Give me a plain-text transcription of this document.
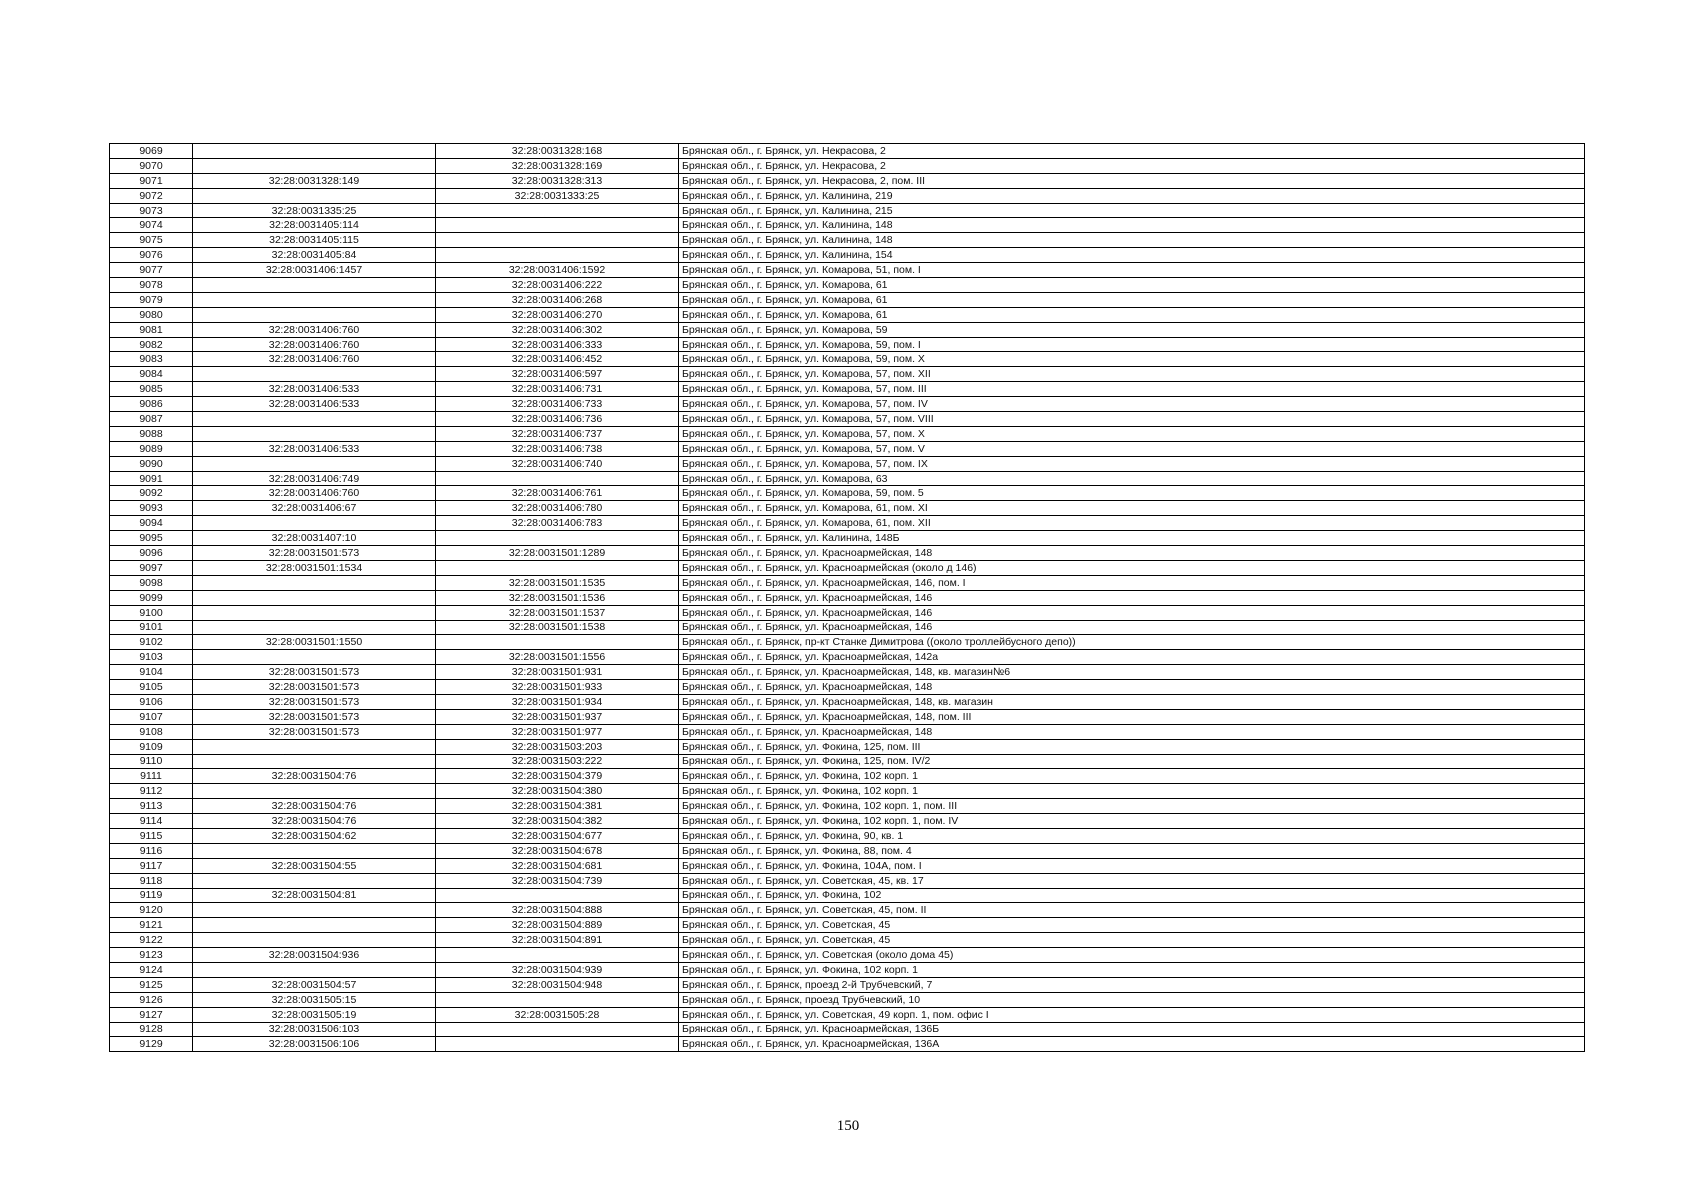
9069		32:28:0031328:168	Брянская обл., г. Брянск, ул. Некрасова, 2
9070		32:28:0031328:169	Брянская обл., г. Брянск, ул. Некрасова, 2
9071	32:28:0031328:149	32:28:0031328:313	Брянская обл., г. Брянск, ул. Некрасова, 2, пом. III
9072		32:28:0031333:25	Брянская обл., г. Брянск, ул. Калинина, 219
9073	32:28:0031335:25		Брянская обл., г. Брянск, ул. Калинина, 215
9074	32:28:0031405:114		Брянская обл., г. Брянск, ул. Калинина, 148
9075	32:28:0031405:115		Брянская обл., г. Брянск, ул. Калинина, 148
9076	32:28:0031405:84		Брянская обл., г. Брянск, ул. Калинина, 154
9077	32:28:0031406:1457	32:28:0031406:1592	Брянская обл., г. Брянск, ул. Комарова, 51, пом. I
9078		32:28:0031406:222	Брянская обл., г. Брянск, ул. Комарова, 61
9079		32:28:0031406:268	Брянская обл., г. Брянск, ул. Комарова, 61
9080		32:28:0031406:270	Брянская обл., г. Брянск, ул. Комарова, 61
9081	32:28:0031406:760	32:28:0031406:302	Брянская обл., г. Брянск, ул. Комарова, 59
9082	32:28:0031406:760	32:28:0031406:333	Брянская обл., г. Брянск, ул. Комарова, 59, пом. I
9083	32:28:0031406:760	32:28:0031406:452	Брянская обл., г. Брянск, ул. Комарова, 59, пом. X
9084		32:28:0031406:597	Брянская обл., г. Брянск, ул. Комарова, 57, пом. XII
9085	32:28:0031406:533	32:28:0031406:731	Брянская обл., г. Брянск, ул. Комарова, 57, пом. III
9086	32:28:0031406:533	32:28:0031406:733	Брянская обл., г. Брянск, ул. Комарова, 57, пом. IV
9087		32:28:0031406:736	Брянская обл., г. Брянск, ул. Комарова, 57, пом. VIII
9088		32:28:0031406:737	Брянская обл., г. Брянск, ул. Комарова, 57, пом. X
9089	32:28:0031406:533	32:28:0031406:738	Брянская обл., г. Брянск, ул. Комарова, 57, пом. V
9090		32:28:0031406:740	Брянская обл., г. Брянск, ул. Комарова, 57, пом. IX
9091	32:28:0031406:749		Брянская обл., г. Брянск, ул. Комарова, 63
9092	32:28:0031406:760	32:28:0031406:761	Брянская обл., г. Брянск, ул. Комарова, 59, пом. 5
9093	32:28:0031406:67	32:28:0031406:780	Брянская обл., г. Брянск, ул. Комарова, 61, пом. XI
9094		32:28:0031406:783	Брянская обл., г. Брянск, ул. Комарова, 61, пом. XII
9095	32:28:0031407:10		Брянская обл., г. Брянск, ул. Калинина, 148Б
9096	32:28:0031501:573	32:28:0031501:1289	Брянская обл., г. Брянск, ул. Красноармейская, 148
9097	32:28:0031501:1534		Брянская обл., г. Брянск, ул. Красноармейская (около д 146)
9098		32:28:0031501:1535	Брянская обл., г. Брянск, ул. Красноармейская, 146, пом. I
9099		32:28:0031501:1536	Брянская обл., г. Брянск, ул. Красноармейская, 146
9100		32:28:0031501:1537	Брянская обл., г. Брянск, ул. Красноармейская, 146
9101		32:28:0031501:1538	Брянская обл., г. Брянск, ул. Красноармейская, 146
9102	32:28:0031501:1550		Брянская обл., г. Брянск, пр-кт Станке Димитрова ((около троллейбусного депо))
9103		32:28:0031501:1556	Брянская обл., г. Брянск, ул. Красноармейская, 142а
9104	32:28:0031501:573	32:28:0031501:931	Брянская обл., г. Брянск, ул. Красноармейская, 148, кв. магазин№6
9105	32:28:0031501:573	32:28:0031501:933	Брянская обл., г. Брянск, ул. Красноармейская, 148
9106	32:28:0031501:573	32:28:0031501:934	Брянская обл., г. Брянск, ул. Красноармейская, 148, кв. магазин
9107	32:28:0031501:573	32:28:0031501:937	Брянская обл., г. Брянск, ул. Красноармейская, 148, пом. III
9108	32:28:0031501:573	32:28:0031501:977	Брянская обл., г. Брянск, ул. Красноармейская, 148
9109		32:28:0031503:203	Брянская обл., г. Брянск, ул. Фокина, 125, пом. III
9110		32:28:0031503:222	Брянская обл., г. Брянск, ул. Фокина, 125, пом. IV/2
9111	32:28:0031504:76	32:28:0031504:379	Брянская обл., г. Брянск, ул. Фокина, 102 корп. 1
9112		32:28:0031504:380	Брянская обл., г. Брянск, ул. Фокина, 102 корп. 1
9113	32:28:0031504:76	32:28:0031504:381	Брянская обл., г. Брянск, ул. Фокина, 102 корп. 1, пом. III
9114	32:28:0031504:76	32:28:0031504:382	Брянская обл., г. Брянск, ул. Фокина, 102 корп. 1, пом. IV
9115	32:28:0031504:62	32:28:0031504:677	Брянская обл., г. Брянск, ул. Фокина, 90, кв. 1
9116		32:28:0031504:678	Брянская обл., г. Брянск, ул. Фокина, 88, пом. 4
9117	32:28:0031504:55	32:28:0031504:681	Брянская обл., г. Брянск, ул. Фокина, 104А, пом. I
9118		32:28:0031504:739	Брянская обл., г. Брянск, ул. Советская, 45, кв. 17
9119	32:28:0031504:81		Брянская обл., г. Брянск, ул. Фокина, 102
9120		32:28:0031504:888	Брянская обл., г. Брянск, ул. Советская, 45, пом. II
9121		32:28:0031504:889	Брянская обл., г. Брянск, ул. Советская, 45
9122		32:28:0031504:891	Брянская обл., г. Брянск, ул. Советская, 45
9123	32:28:0031504:936		Брянская обл., г. Брянск, ул. Советская (около дома 45)
9124		32:28:0031504:939	Брянская обл., г. Брянск, ул. Фокина, 102 корп. 1
9125	32:28:0031504:57	32:28:0031504:948	Брянская обл., г. Брянск, проезд 2-й Трубчевский, 7
9126	32:28:0031505:15		Брянская обл., г. Брянск, проезд Трубчевский, 10
9127	32:28:0031505:19	32:28:0031505:28	Брянская обл., г. Брянск, ул. Советская, 49 корп. 1, пом. офис I
9128	32:28:0031506:103		Брянская обл., г. Брянск, ул. Красноармейская, 136Б
9129	32:28:0031506:106		Брянская обл., г. Брянск, ул. Красноармейская, 136А
150
